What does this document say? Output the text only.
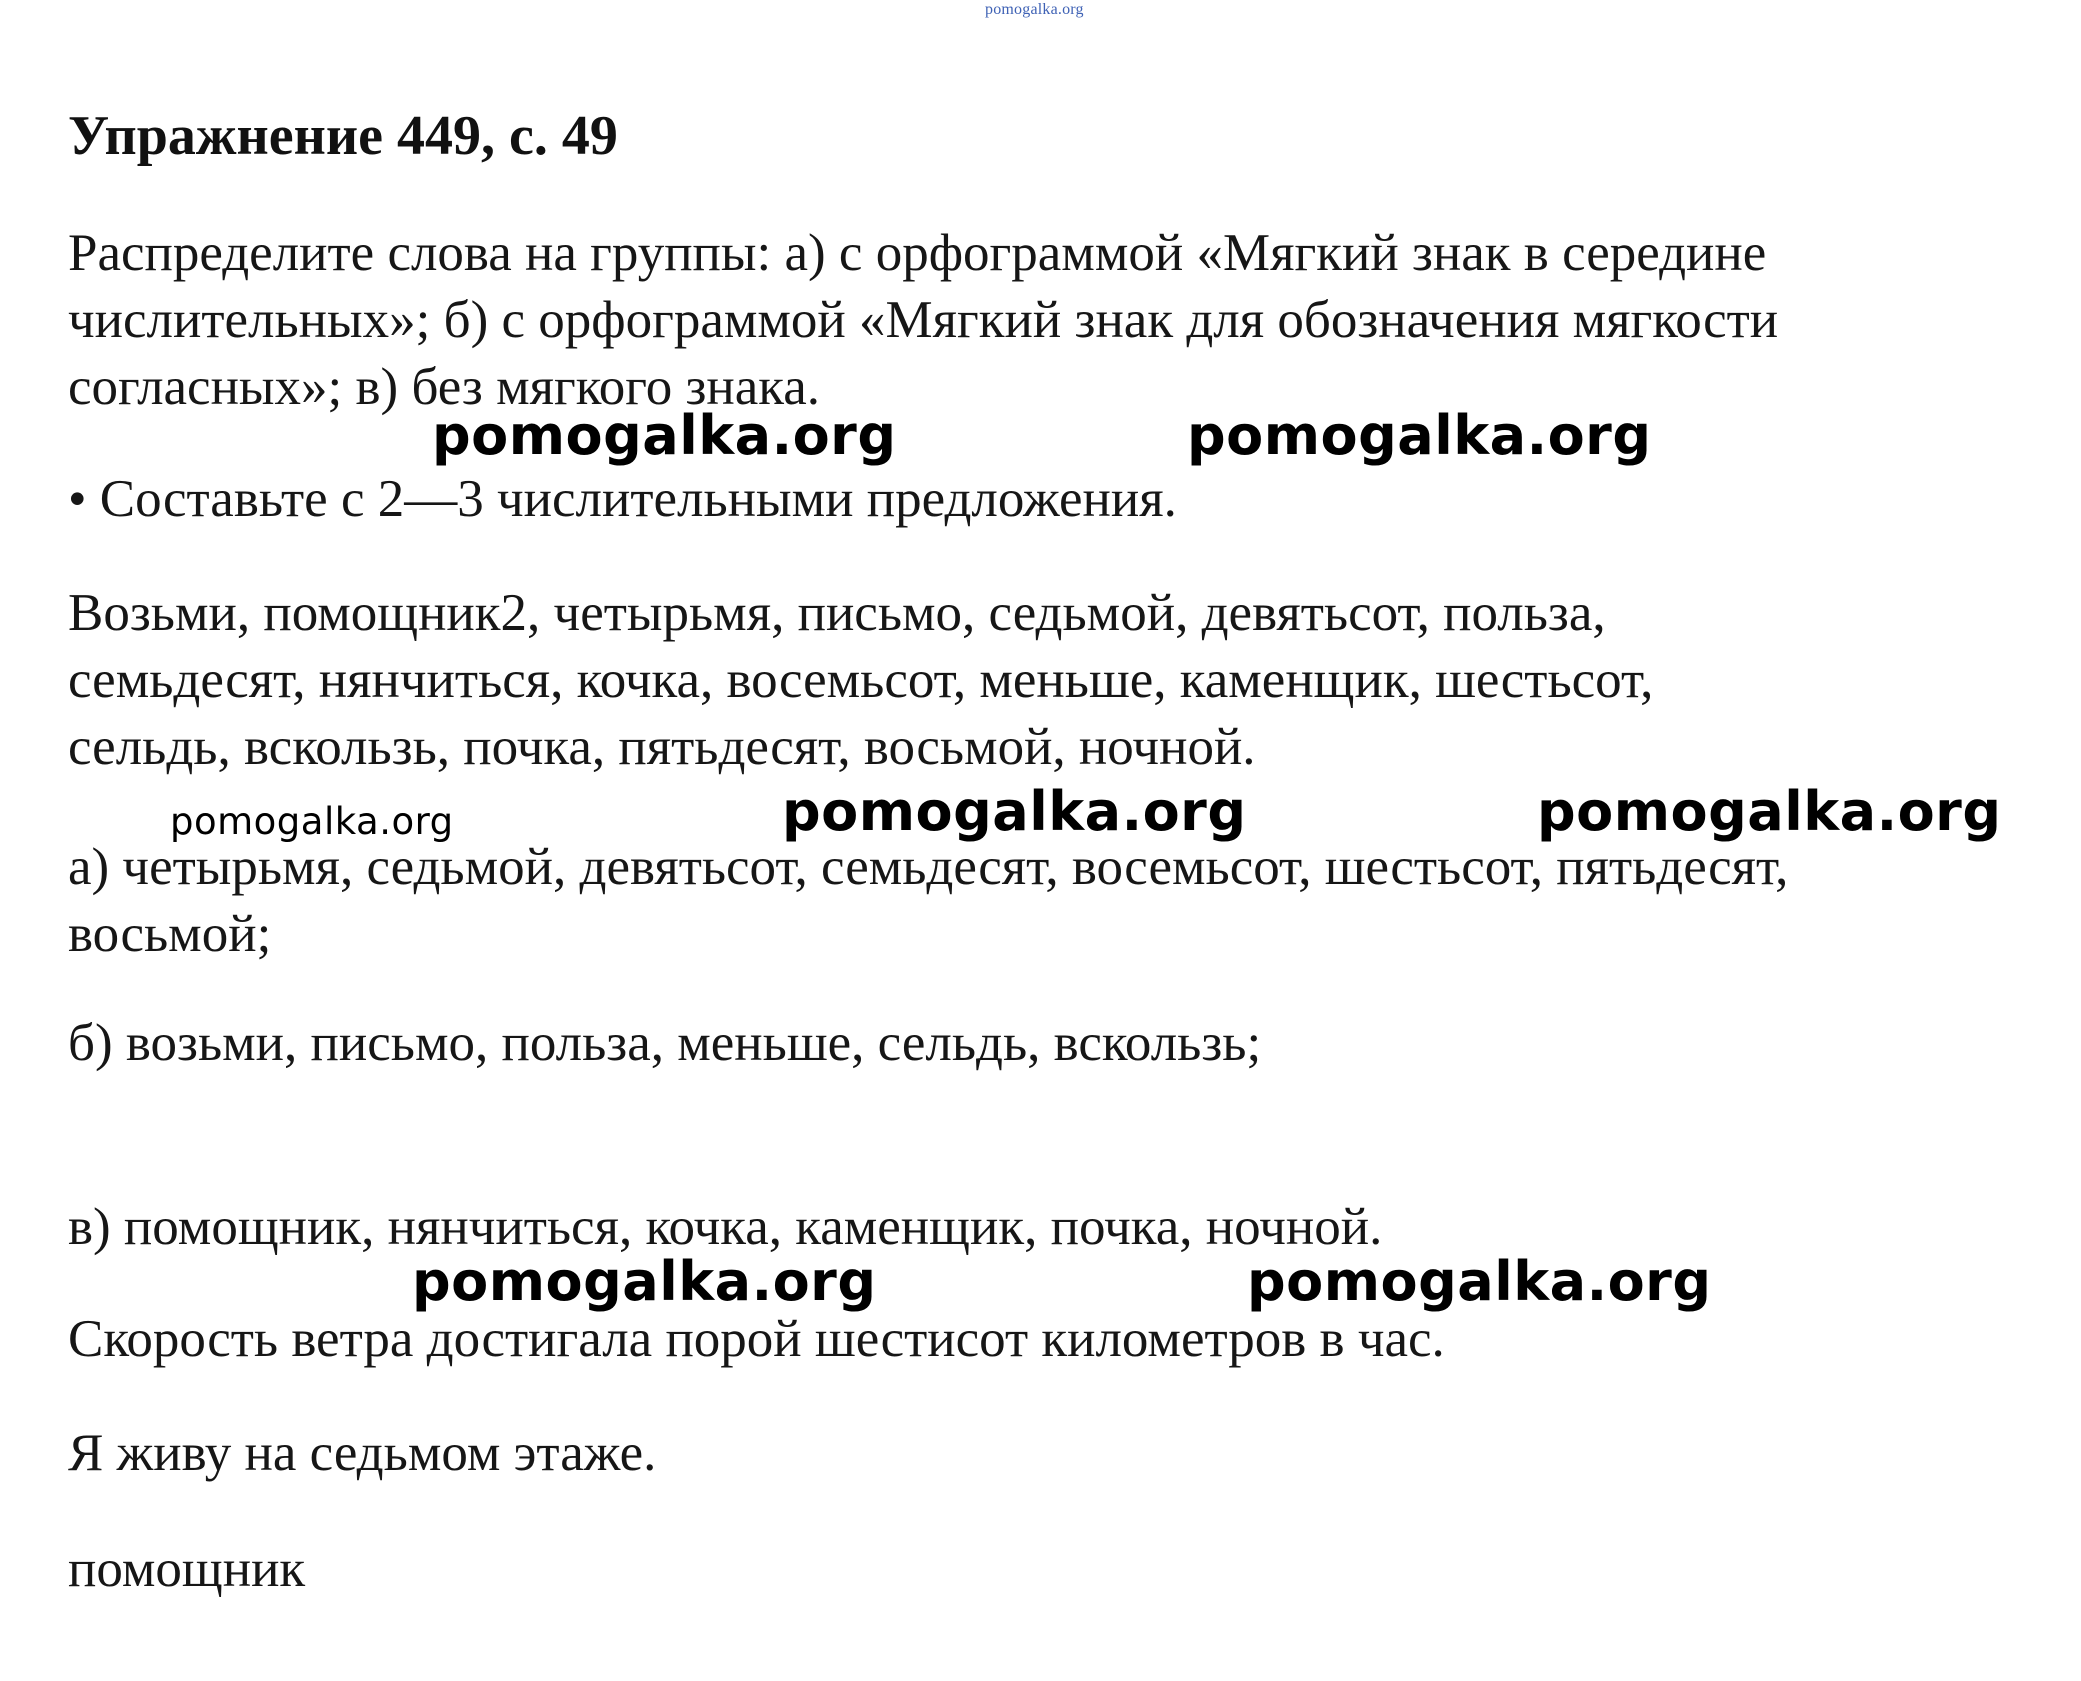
pomogalka.org
Упражнение 449, с. 49
Распределите слова на группы: а) с орфограммой «Мягкий знак в середине
числительных»; б) с орфограммой «Мягкий знак для обозначения мягкости
согласных»; в) без мягкого знака.
• Составьте с 2—3 числительными предложения.
Возьми, помощник2, четырьмя, письмо, седьмой, девятьсот, польза,
семьдесят, нянчиться, кочка, восемьсот, меньше, каменщик, шестьсот,
сельдь, вскользь, почка, пятьдесят, восьмой, ночной.
а) четырьмя, седьмой, девятьсот, семьдесят, восемьсот, шестьсот, пятьдесят,
восьмой;
б) возьми, письмо, польза, меньше, сельдь, вскользь;
в) помощник, нянчиться, кочка, каменщик, почка, ночной.
Скорость ветра достигала порой шестисот километров в час.
Я живу на седьмом этаже.
помощник
pomogalka.org	pomogalka.org
pomogalka.org	pomogalka.org	pomogalka.org
pomogalka.org	pomogalka.org
